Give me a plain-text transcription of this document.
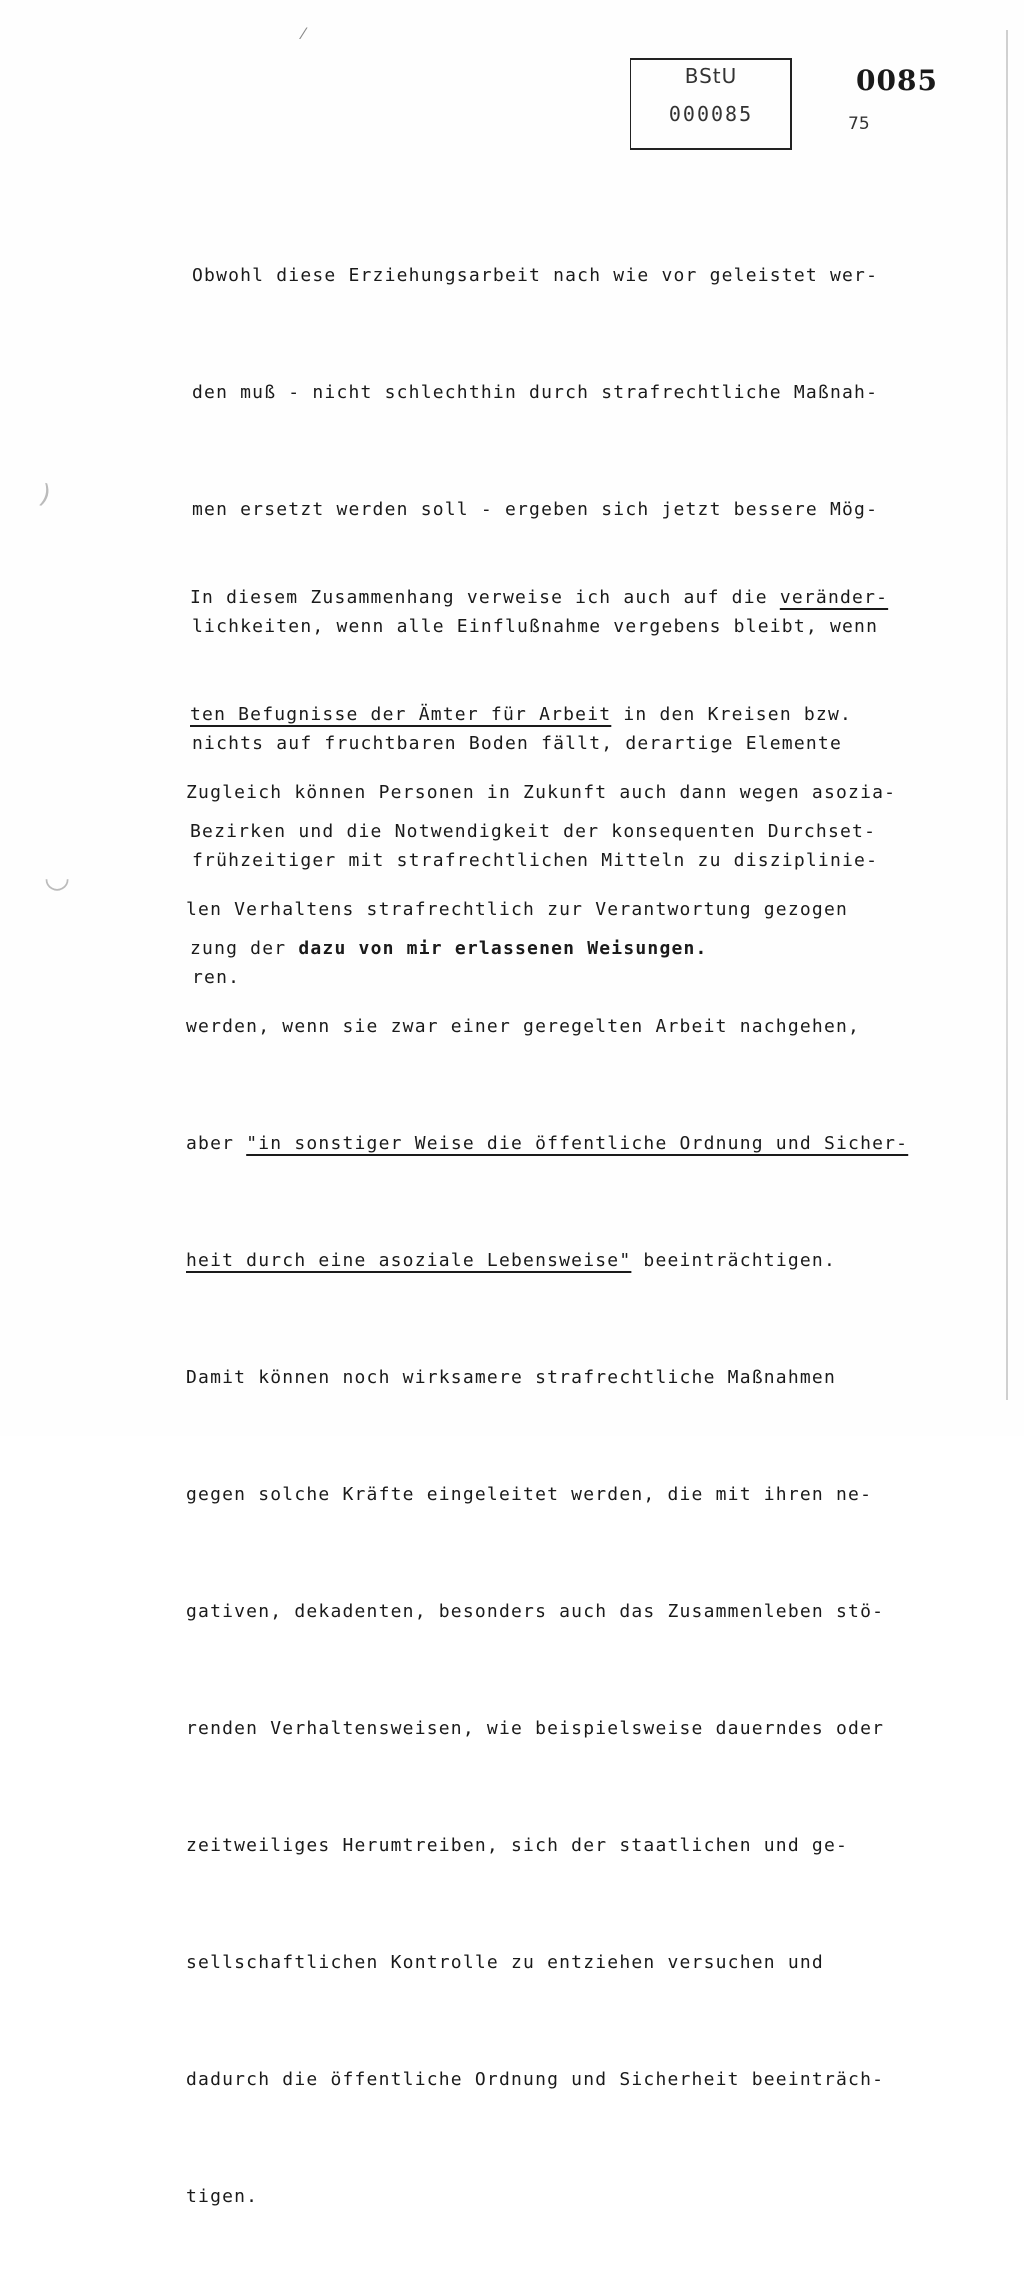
⁄
)
◡
BStU
000085
0085
75

Obwohl diese Erziehungsarbeit nach wie vor geleistet wer-

den muß - nicht schlechthin durch strafrechtliche Maßnah-

men ersetzt werden soll - ergeben sich jetzt bessere Mög-

lichkeiten, wenn alle Einflußnahme vergebens bleibt, wenn

nichts auf fruchtbaren Boden fällt, derartige Elemente

frühzeitiger mit strafrechtlichen Mitteln zu disziplinie-

ren.

In diesem Zusammenhang verweise ich auch auf die veränder-

ten Befugnisse der Ämter für Arbeit in den Kreisen bzw.

Bezirken und die Notwendigkeit der konsequenten Durchset-

zung der dazu von mir erlassenen Weisungen.

Zugleich können Personen in Zukunft auch dann wegen asozia-

len Verhaltens strafrechtlich zur Verantwortung gezogen

werden, wenn sie zwar einer geregelten Arbeit nachgehen,

aber "in sonstiger Weise die öffentliche Ordnung und Sicher-

heit durch eine asoziale Lebensweise" beeinträchtigen.

Damit können noch wirksamere strafrechtliche Maßnahmen

gegen solche Kräfte eingeleitet werden, die mit ihren ne-

gativen, dekadenten, besonders auch das Zusammenleben stö-

renden Verhaltensweisen, wie beispielsweise dauerndes oder

zeitweiliges Herumtreiben, sich der staatlichen und ge-

sellschaftlichen Kontrolle zu entziehen versuchen und

dadurch die öffentliche Ordnung und Sicherheit beeinträch-

tigen.
